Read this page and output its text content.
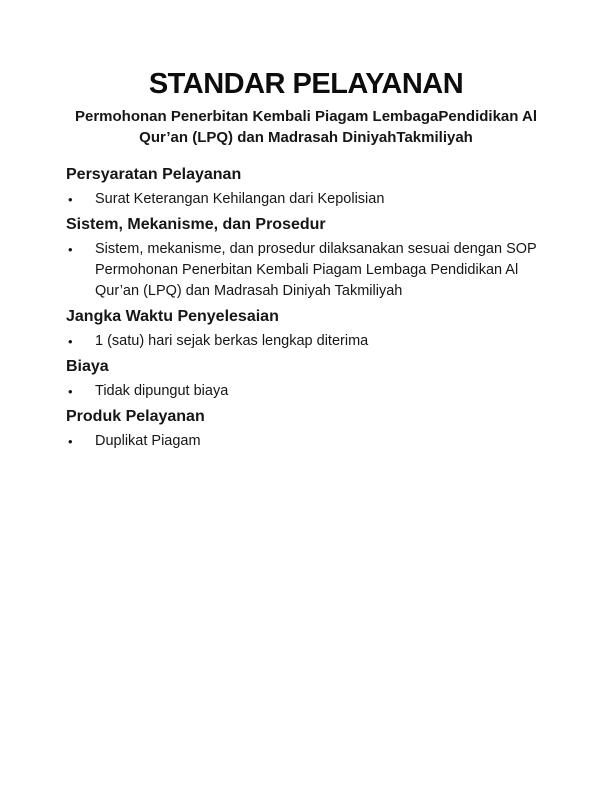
STANDAR PELAYANAN
Permohonan Penerbitan Kembali Piagam LembagaPendidikan Al
Qur’an (LPQ) dan Madrasah DiniyahTakmiliyah
Persyaratan Pelayanan
•	Surat Keterangan Kehilangan dari Kepolisian
Sistem, Mekanisme, dan Prosedur
•	Sistem, mekanisme, dan prosedur dilaksanakan sesuai dengan SOP Permohonan Penerbitan Kembali Piagam Lembaga Pendidikan Al Qur’an (LPQ) dan Madrasah Diniyah Takmiliyah
Jangka Waktu Penyelesaian
•	1 (satu) hari sejak berkas lengkap diterima
Biaya
•	Tidak dipungut biaya
Produk Pelayanan
•	Duplikat Piagam
